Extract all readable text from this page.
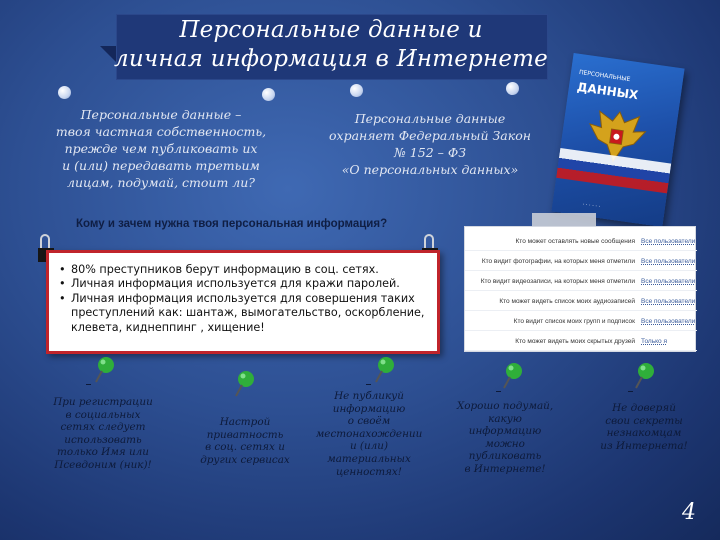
Персональные данные и
личная информация в Интернете
Персональные данные –
твоя частная собственность,
прежде чем публиковать их
и (или) передавать третьим
лицам, подумай, стоит ли?
Персональные данные
охраняет Федеральный Закон
№ 152 – ФЗ
«О персональных данных»
ПЕРСОНАЛЬНЫЕ
ДАННЫХ
· · · · · ·
Кому и зачем нужна твоя персональная информация?
• 80% преступников берут информацию в соц. сетях.
• Личная информация используется для кражи паролей.
• Личная информация используется для совершения таких
преступлений как: шантаж, вымогательство, оскорбление,
клевета, киднеппинг , хищение!
Кто может оставлять новые сообщения Все пользователи
Кто видит фотографии, на которых меня отметили Все пользователи
Кто видит видеозаписи, на которых меня отметили Все пользователи
Кто может видеть список моих аудиозаписей Все пользователи
Кто видит список моих групп и подписок Все пользователи
Кто может видеть моих скрытых друзей Только я
При регистрации
в социальных
сетях следует
использовать
только Имя или
Псевдоним (ник)!
Настрой
приватность
в соц. сетях и
других сервисах
Не публикуй
информацию
о своём
местонахождении
и (или)
материальных
ценностях!
Хорошо подумай,
какую
информацию
можно
публиковать
в Интернете!
Не доверяй
свои секреты
незнакомцам
из Интернета!
4
